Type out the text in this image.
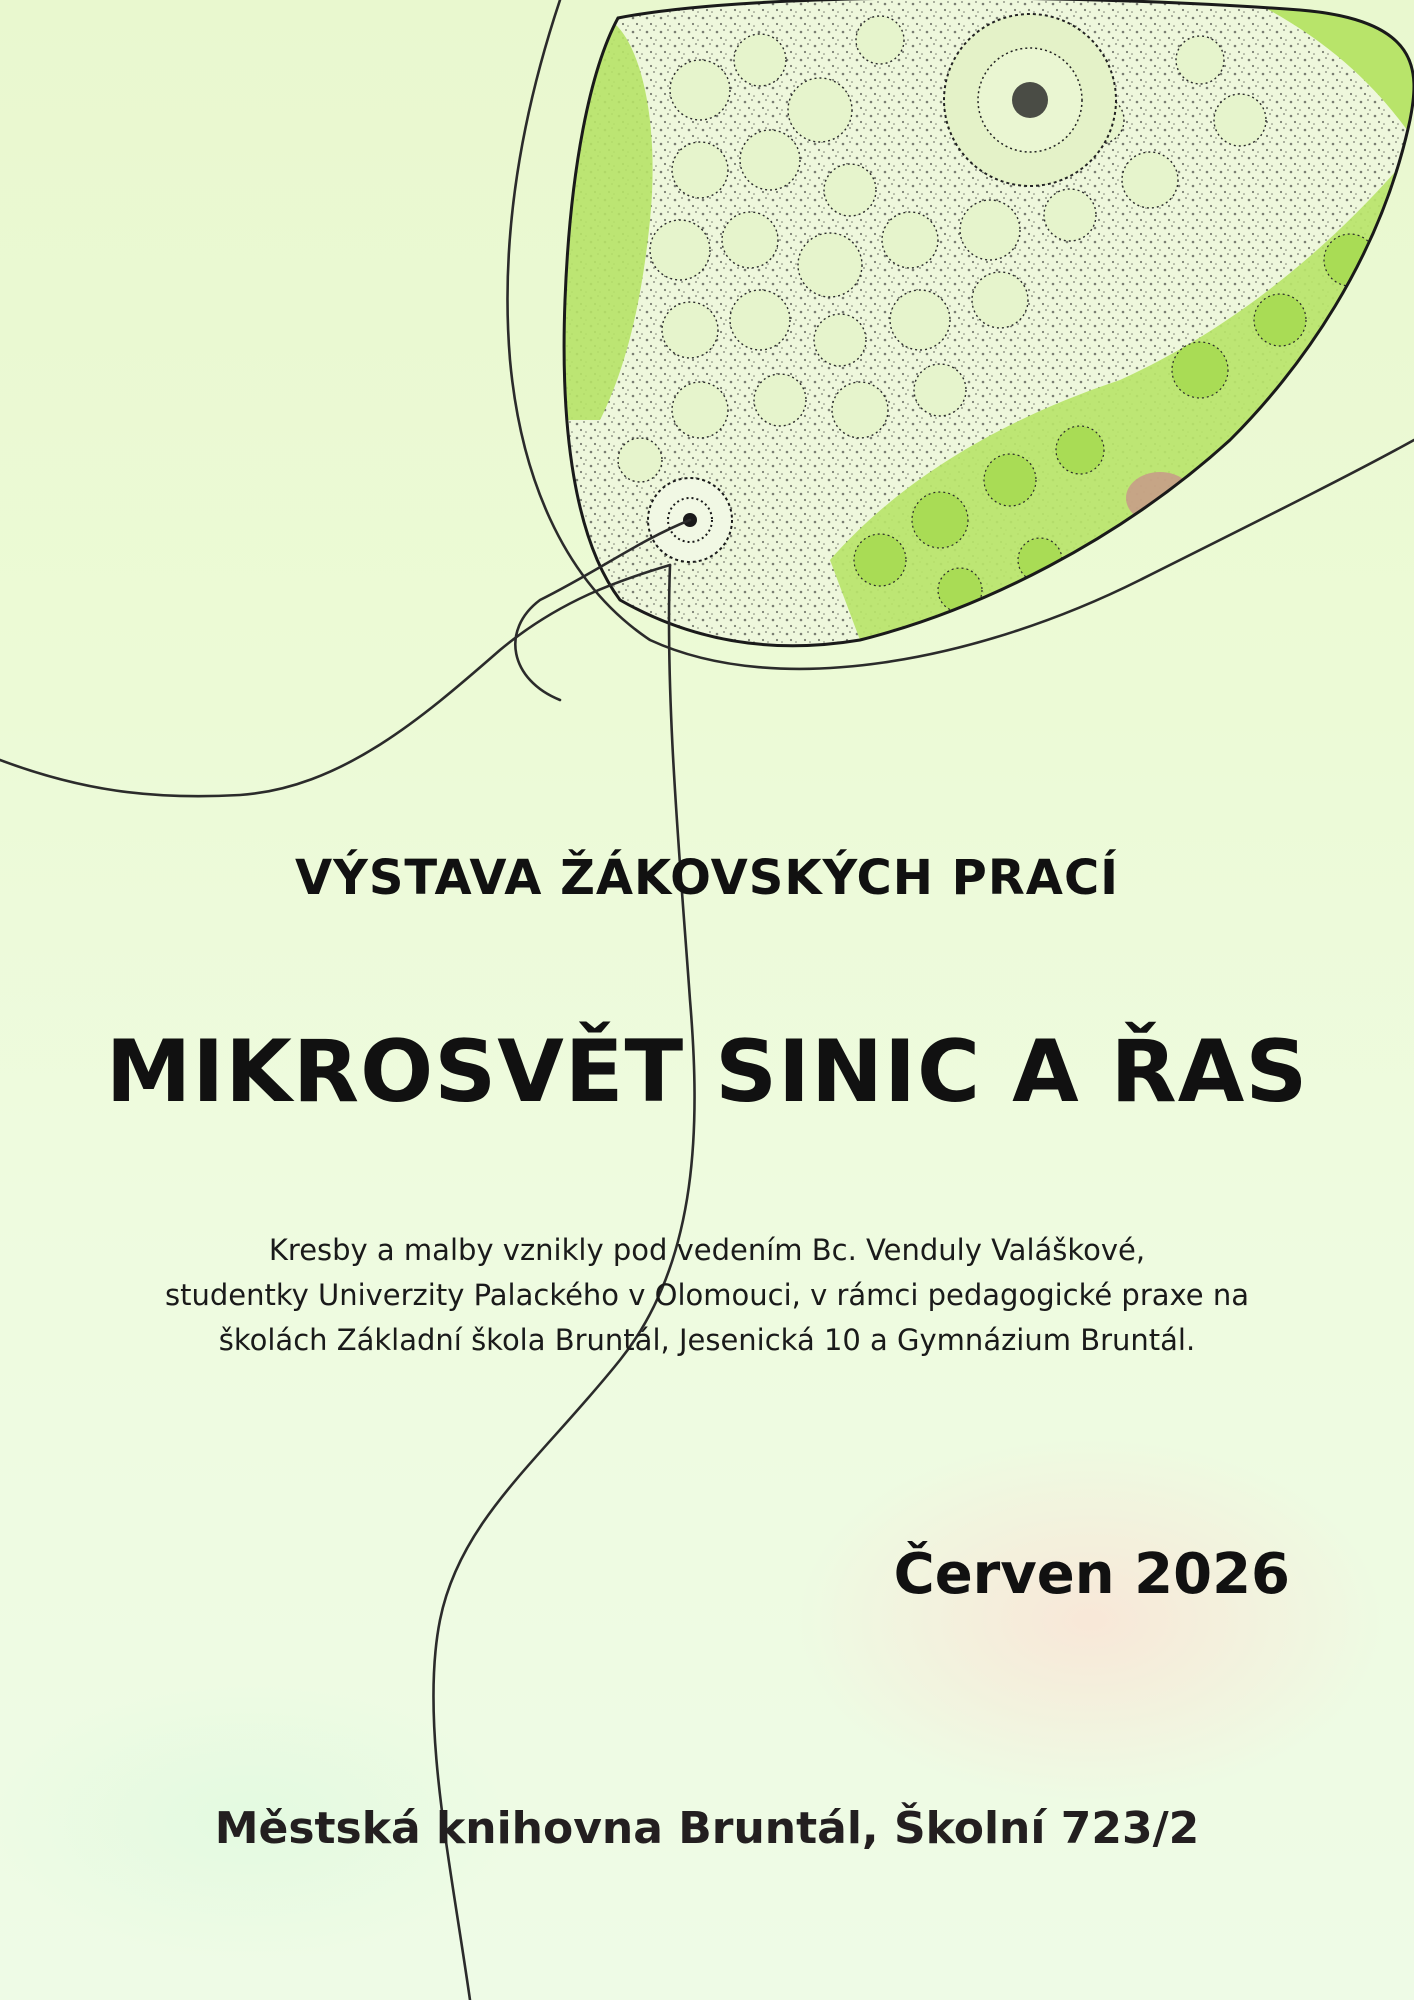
VÝSTAVA ŽÁKOVSKÝCH PRACÍ
MIKROSVĚT SINIC A ŘAS

Kresby a malby vznikly pod vedením Bc. Venduly Valáškové,
studentky Univerzity Palackého v Olomouci, v rámci pedagogické praxe na
školách Základní škola Bruntál, Jesenická 10 a Gymnázium Bruntál.

Červen 2026

Městská knihovna Bruntál, Školní 723/2
